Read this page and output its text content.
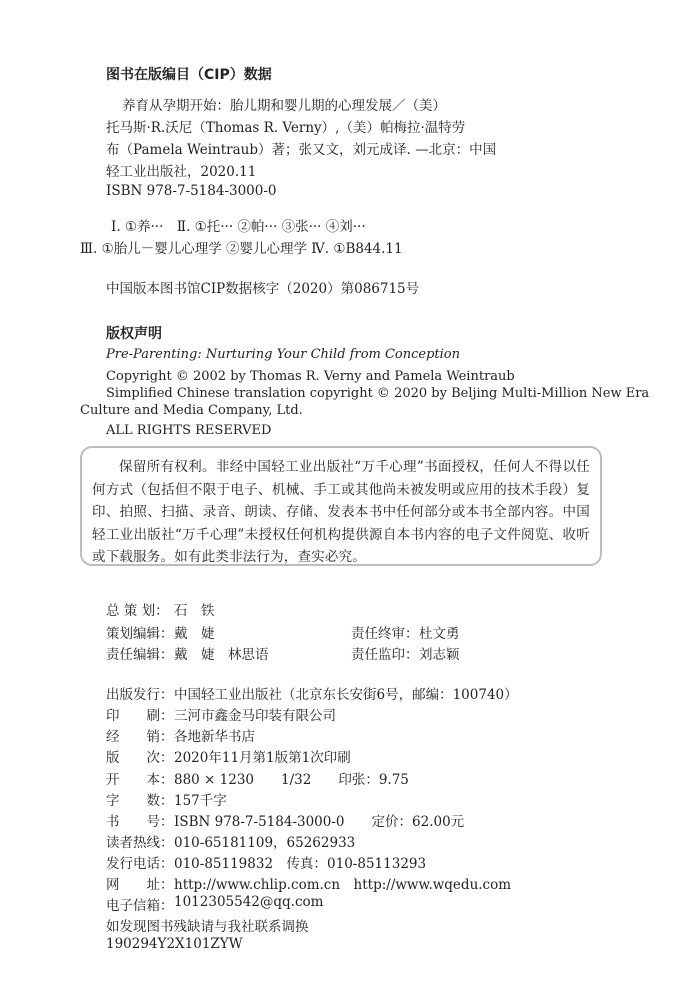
图书在版编目（CIP）数据
养育从孕期开始：胎儿期和婴儿期的心理发展／（美）
托马斯·R.沃尼（Thomas R. Verny）,（美）帕梅拉·温特劳
布（Pamela Weintraub）著；张又文，刘元成译. —北京：中国
轻工业出版社，2020.11
ISBN 978-7-5184-3000-0
Ⅰ. ①养···　Ⅱ. ①托··· ②帕··· ③张··· ④刘···
Ⅲ. ①胎儿－婴儿心理学 ②婴儿心理学 Ⅳ. ①B844.11
中国版本图书馆CIP数据核字（2020）第086715号
版权声明
Pre-Parenting: Nurturing Your Child from Conception
Copyright © 2002 by Thomas R. Verny and Pamela Weintraub
Simplified Chinese translation copyright © 2020 by Beljing Multi-Million New Era
Culture and Media Company, Ltd.
ALL RIGHTS RESERVED

保留所有权利。非经中国轻工业出版社“万千心理”书面授权，任何人不得以任何方式（包括但不限于电子、机械、手工或其他尚未被发明或应用的技术手段）复印、拍照、扫描、录音、朗读、存储、发表本书中任何部分或本书全部内容。中国轻工业出版社“万千心理”未授权任何机构提供源自本书内容的电子文件阅览、收听或下载服务。如有此类非法行为，查实必究。

总 策 划： 石　铁
策划编辑： 戴　婕	责任终审： 杜文勇
责任编辑： 戴　婕　林思语	责任监印： 刘志颖
出版发行： 中国轻工业出版社（北京东长安街6号，邮编：100740）
印　　刷： 三河市鑫金马印装有限公司
经　　销： 各地新华书店
版　　次： 2020年11月第1版第1次印刷
开　　本： 880 × 1230　　1/32　　印张：9.75
字　　数： 157千字
书　　号： ISBN 978-7-5184-3000-0　　定价：62.00元
读者热线： 010-65181109，65262933
发行电话： 010-85119832　传真：010-85113293
网　　址： http://www.chlip.com.cn　http://www.wqedu.com
电子信箱： 1012305542@qq.com
如发现图书残缺请与我社联系调换
190294Y2X101ZYW
